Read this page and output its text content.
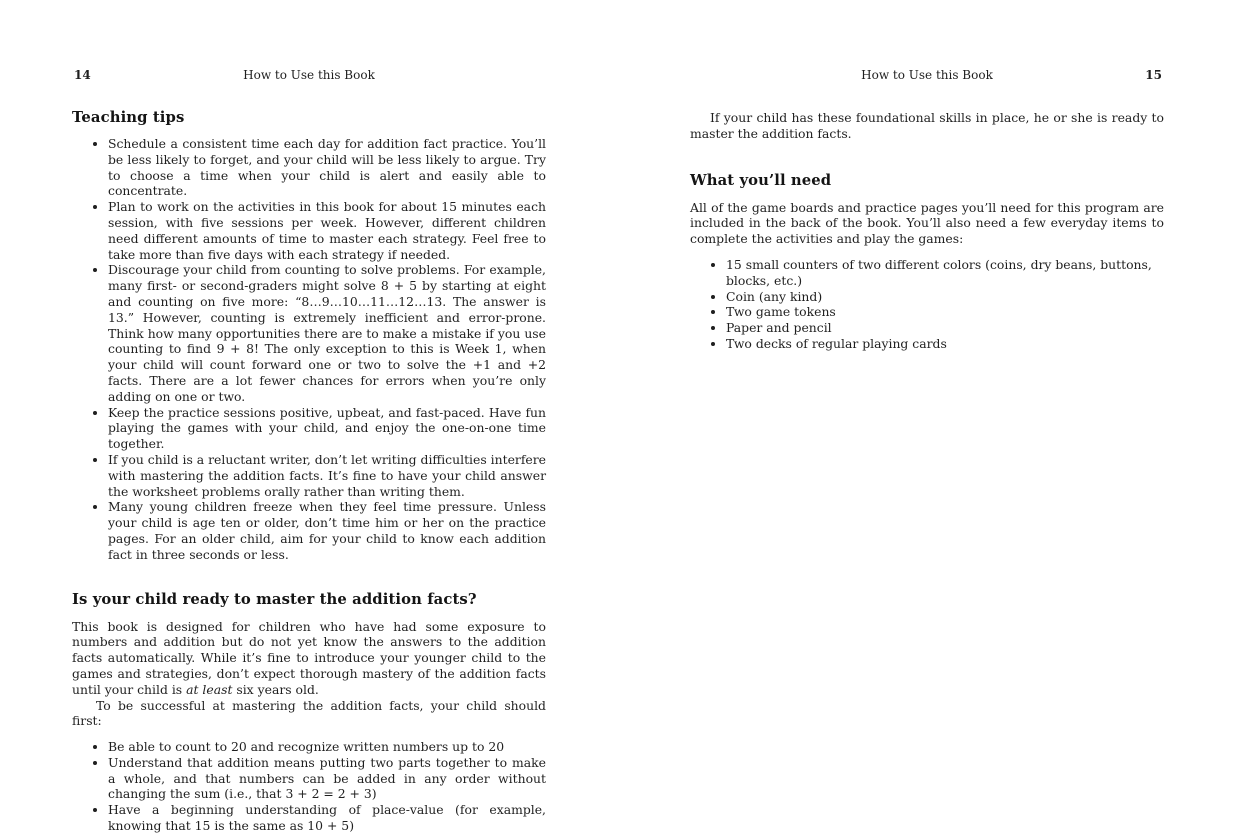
14	How to Use this Book
Teaching tips
• Schedule a consistent time each day for addition fact practice. You’ll be less likely to forget, and your child will be less likely to argue. Try to choose a time when your child is alert and easily able to concentrate.
• Plan to work on the activities in this book for about 15 minutes each session, with five sessions per week. However, different children need different amounts of time to master each strategy. Feel free to take more than five days with each strategy if needed.
• Discourage your child from counting to solve problems. For example, many first- or second-graders might solve 8 + 5 by starting at eight and counting on five more: “8…9…10…11…12…13. The answer is 13.” However, counting is extremely inefficient and error-prone. Think how many opportunities there are to make a mistake if you use counting to find 9 + 8! The only exception to this is Week 1, when your child will count forward one or two to solve the +1 and +2 facts. There are a lot fewer chances for errors when you’re only adding on one or two.
• Keep the practice sessions positive, upbeat, and fast-paced. Have fun playing the games with your child, and enjoy the one-on-one time together.
• If you child is a reluctant writer, don’t let writing difficulties interfere with mastering the addition facts. It’s fine to have your child answer the worksheet problems orally rather than writing them.
• Many young children freeze when they feel time pressure. Unless your child is age ten or older, don’t time him or her on the practice pages. For an older child, aim for your child to know each addition fact in three seconds or less.
Is your child ready to master the addition facts?

This book is designed for children who have had some exposure to numbers and addition but do not yet know the answers to the addition facts automatically. While it’s fine to introduce your younger child to the games and strategies, don’t expect thorough mastery of the addition facts until your child is at least six years old.

To be successful at mastering the addition facts, your child should first:

• Be able to count to 20 and recognize written numbers up to 20
• Understand that addition means putting two parts together to make a whole, and that numbers can be added in any order without changing the sum (i.e., that 3 + 2 = 2 + 3)
• Have a beginning understanding of place-value (for example, knowing that 15 is the same as 10 + 5)
How to Use this Book	15

If your child has these foundational skills in place, he or she is ready to master the addition facts.

What you’ll need

All of the game boards and practice pages you’ll need for this program are included in the back of the book. You’ll also need a few everyday items to complete the activities and play the games:

• 15 small counters of two different colors (coins, dry beans, buttons, blocks, etc.)
• Coin (any kind)
• Two game tokens
• Paper and pencil
• Two decks of regular playing cards
